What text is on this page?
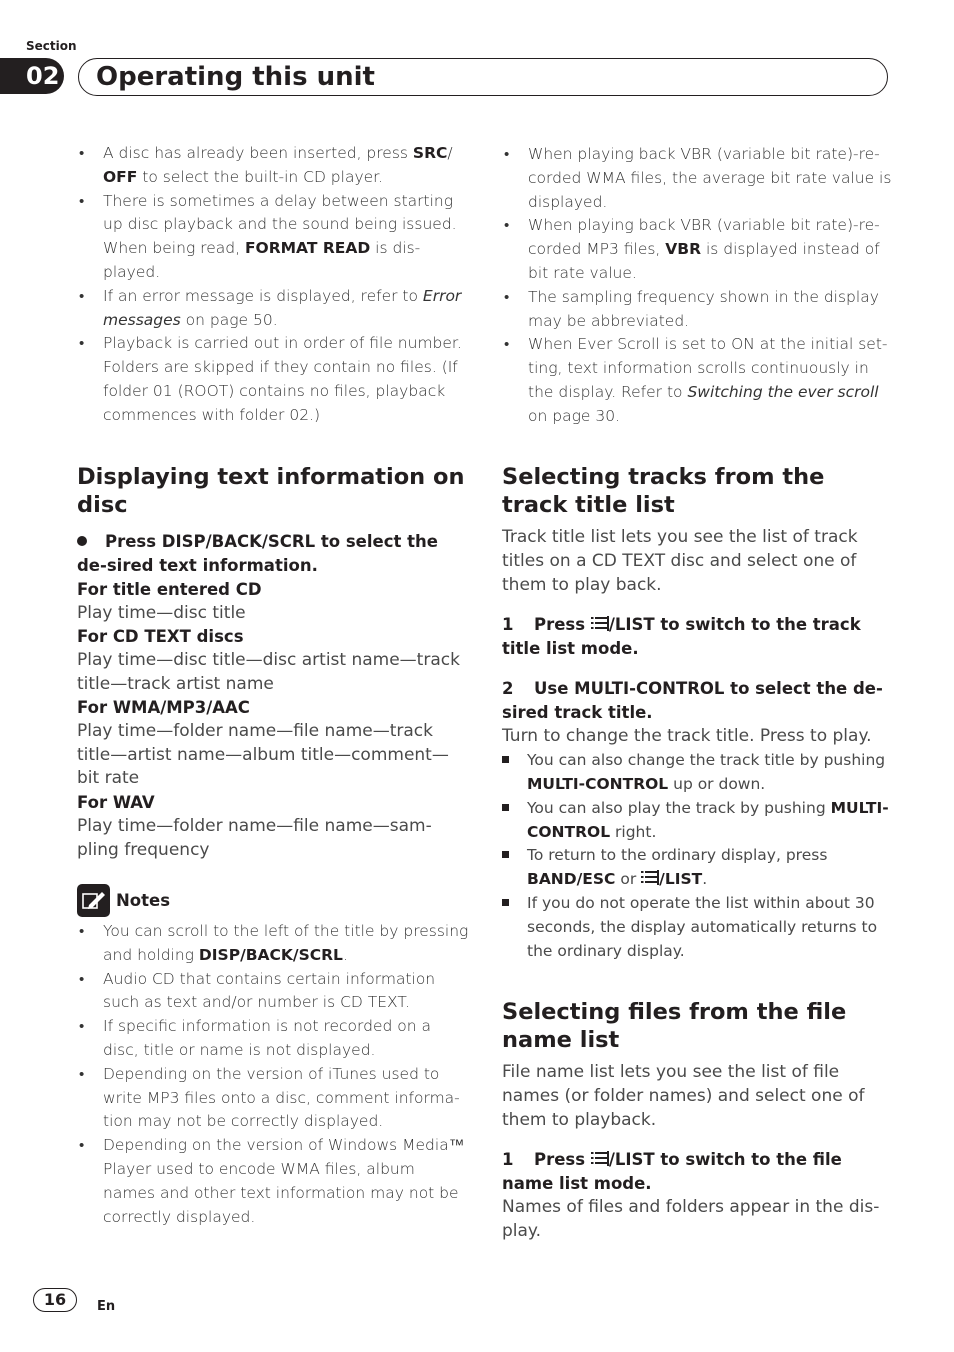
Section
02 Operating this unit
• A disc has already been inserted, press SRC/
OFF to select the built-in CD player.
• There is sometimes a delay between starting up disc playback and the sound being issued. When being read, FORMAT READ is dis-played.
• If an error message is displayed, refer to Error messages on page 50.
• Playback is carried out in order of file number. Folders are skipped if they contain no files. (If folder 01 (ROOT) contains no files, playback commences with folder 02.)
• When playing back VBR (variable bit rate)-re-corded WMA files, the average bit rate value is displayed.
• When playing back VBR (variable bit rate)-re-corded MP3 files, VBR is displayed instead of bit rate value.
• The sampling frequency shown in the display may be abbreviated.
• When Ever Scroll is set to ON at the initial set-ting, text information scrolls continuously in the display. Refer to Switching the ever scroll on page 30.
Displaying text information on disc
Press DISP/BACK/SCRL to select the de-sired text information.
For title entered CD
Play time—disc title
For CD TEXT discs
Play time—disc title—disc artist name—track title—track artist name
For WMA/MP3/AAC
Play time—folder name—file name—track title—artist name—album title—comment—bit rate
For WAV
Play time—folder name—file name—sam-pling frequency
Notes
• You can scroll to the left of the title by pressing and holding DISP/BACK/SCRL.
• Audio CD that contains certain information such as text and/or number is CD TEXT.
• If specific information is not recorded on a disc, title or name is not displayed.
• Depending on the version of iTunes used to write MP3 files onto a disc, comment informa-tion may not be correctly displayed.
• Depending on the version of Windows Media™ Player used to encode WMA files, album names and other text information may not be correctly displayed.
Selecting tracks from the track title list
Track title list lets you see the list of track titles on a CD TEXT disc and select one of them to play back.
1 Press /LIST to switch to the track title list mode.
2 Use MULTI-CONTROL to select the de-sired track title.
Turn to change the track title. Press to play.
You can also change the track title by pushing MULTI-CONTROL up or down.
You can also play the track by pushing MULTI-CONTROL right.
To return to the ordinary display, press BAND/ESC or /LIST.
If you do not operate the list within about 30 seconds, the display automatically returns to the ordinary display.
Selecting files from the file name list
File name list lets you see the list of file names (or folder names) and select one of them to playback.
1 Press /LIST to switch to the file name list mode.
Names of files and folders appear in the dis-play.
16	En
